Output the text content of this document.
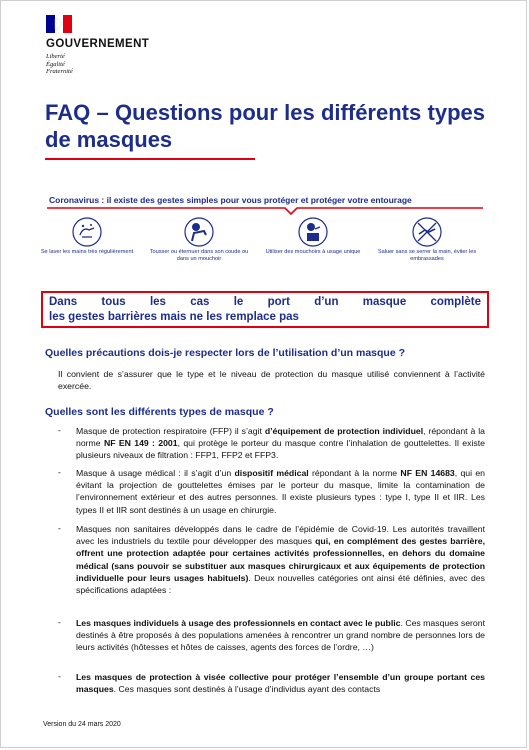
GOUVERNEMENT
Liberté
Égalité
Fraternité
FAQ – Questions pour les différents types de masques
Coronavirus : il existe des gestes simples pour vous protéger et protéger votre entourage
Se laver les mains très régulièrement	Tousser ou éternuer dans son coude ou dans un mouchoir
Utiliser des mouchoirs à usage unique	Saluer sans se serrer la main, éviter les embrassades

Dans tous les cas le port d’un masque complète

les gestes barrières mais ne les remplace pas

Quelles précautions dois-je respecter lors de l’utilisation d’un masque ?

Il convient de s’assurer que le type et le niveau de protection du masque utilisé conviennent à l’activité exercée.

Quelles sont les différents types de masque ?
- Masque de protection respiratoire (FFP) il s’agit d’équipement de protection individuel, répondant à la norme NF EN 149 : 2001, qui protège le porteur du masque contre l’inhalation de gouttelettes. Il existe plusieurs niveaux de filtration : FFP1, FFP2 et FFP3.

- Masque à usage médical : il s’agit d’un dispositif médical répondant à la norme NF EN 14683, qui en évitant la projection de gouttelettes émises par le porteur du masque, limite la contamination de l’environnement extérieur et des autres personnes. Il existe plusieurs types : type I, type II et IIR. Les types II et IIR sont destinés à un usage en chirurgie.

- Masques non sanitaires développés dans le cadre de l’épidémie de Covid-19. Les autorités travaillent avec les industriels du textile pour développer des masques qui, en complément des gestes barrière, offrent une protection adaptée pour certaines activités professionnelles, en dehors du domaine médical (sans pouvoir se substituer aux masques chirurgicaux et aux équipements de protection individuelle pour leurs usages habituels). Deux nouvelles catégories ont ainsi été définies, avec des spécifications adaptées :

- Les masques individuels à usage des professionnels en contact avec le public. Ces masques seront destinés à être proposés à des populations amenées à rencontrer un grand nombre de personnes lors de leurs activités (hôtesses et hôtes de caisses, agents des forces de l’ordre, …)

- Les masques de protection à visée collective pour protéger l’ensemble d’un groupe portant ces masques. Ces masques sont destinés à l’usage d’individus ayant des contacts

Version du 24 mars 2020
